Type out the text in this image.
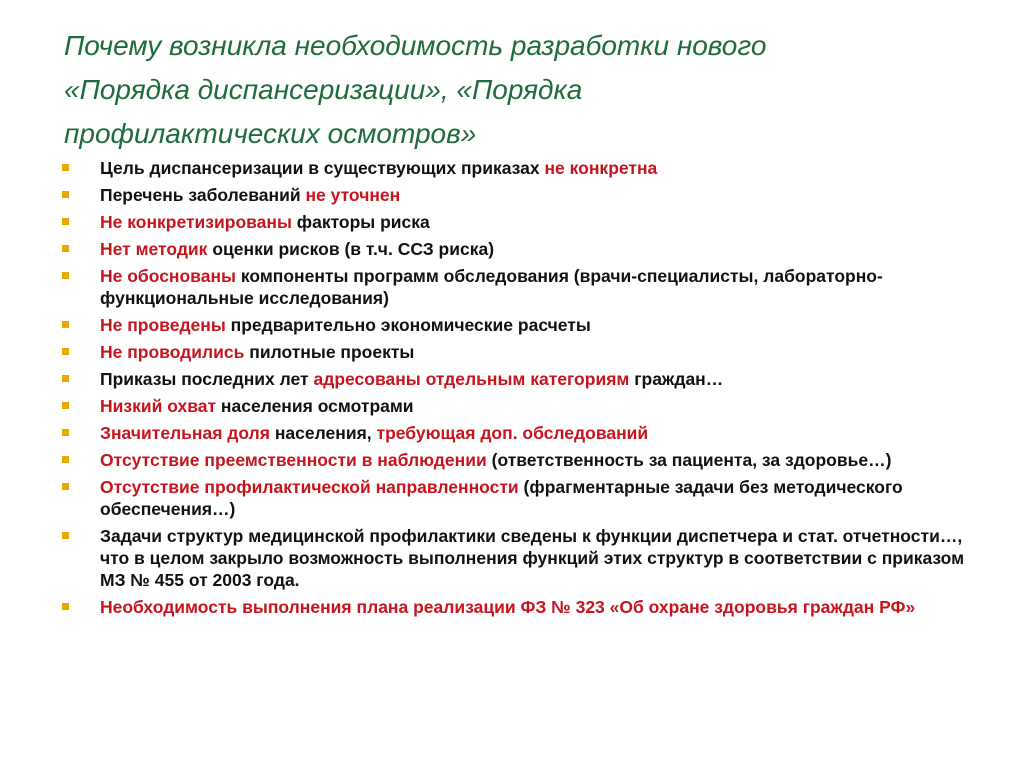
Почему возникла необходимость разработки нового
«Порядка диспансеризации», «Порядка
профилактических осмотров»
Цель диспансеризации в существующих приказах не конкретна
Перечень заболеваний не уточнен
Не конкретизированы факторы риска
Нет методик оценки рисков (в т.ч. ССЗ риска)
Не обоснованы компоненты программ обследования (врачи-специалисты, лабораторно-функциональные исследования)
Не проведены предварительно экономические расчеты
Не проводились пилотные проекты
Приказы последних лет адресованы отдельным категориям граждан…
Низкий охват населения осмотрами
Значительная доля населения, требующая доп. обследований
Отсутствие преемственности в наблюдении (ответственность за пациента, за здоровье…)
Отсутствие профилактической направленности (фрагментарные задачи без методического обеспечения…)
Задачи структур медицинской профилактики сведены к функции диспетчера и стат. отчетности…, что в целом закрыло возможность выполнения функций этих структур в соответствии с приказом МЗ № 455 от 2003 года.
Необходимость выполнения плана реализации ФЗ № 323 «Об охране здоровья граждан РФ»
